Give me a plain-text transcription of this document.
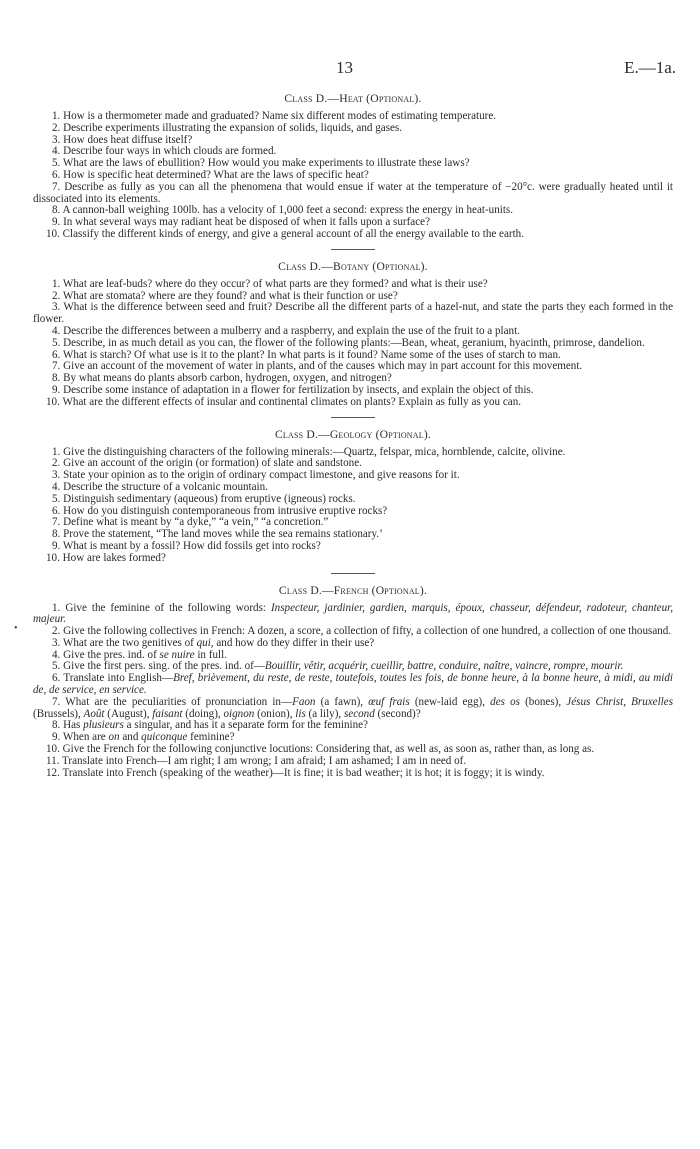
13	E.—1a.
•
Class D.—Heat (Optional).

1. How is a thermometer made and graduated? Name six different modes of estimating temperature.

2. Describe experiments illustrating the expansion of solids, liquids, and gases.

3. How does heat diffuse itself?

4. Describe four ways in which clouds are formed.

5. What are the laws of ebullition? How would you make experiments to illustrate these laws?

6. How is specific heat determined? What are the laws of specific heat?

7. Describe as fully as you can all the phenomena that would ensue if water at the temperature of −20°c. were gradually heated until it dissociated into its elements.

8. A cannon-ball weighing 100lb. has a velocity of 1,000 feet a second: express the energy in heat-units.

9. In what several ways may radiant heat be disposed of when it falls upon a surface?

10. Classify the different kinds of energy, and give a general account of all the energy available to the earth.

Class D.—Botany (Optional).

1. What are leaf-buds? where do they occur? of what parts are they formed? and what is their use?

2. What are stomata? where are they found? and what is their function or use?

3. What is the difference between seed and fruit? Describe all the different parts of a hazel-nut, and state the parts they each formed in the flower.

4. Describe the differences between a mulberry and a raspberry, and explain the use of the fruit to a plant.

5. Describe, in as much detail as you can, the flower of the following plants:—Bean, wheat, geranium, hyacinth, primrose, dandelion.

6. What is starch? Of what use is it to the plant? In what parts is it found? Name some of the uses of starch to man.

7. Give an account of the movement of water in plants, and of the causes which may in part account for this movement.

8. By what means do plants absorb carbon, hydrogen, oxygen, and nitrogen?

9. Describe some instance of adaptation in a flower for fertilization by insects, and explain the object of this.

10. What are the different effects of insular and continental climates on plants? Explain as fully as you can.

Class D.—Geology (Optional).

1. Give the distinguishing characters of the following minerals:—Quartz, felspar, mica, hornblende, calcite, olivine.

2. Give an account of the origin (or formation) of slate and sandstone.

3. State your opinion as to the origin of ordinary compact limestone, and give reasons for it.

4. Describe the structure of a volcanic mountain.

5. Distinguish sedimentary (aqueous) from eruptive (igneous) rocks.

6. How do you distinguish contemporaneous from intrusive eruptive rocks?

7. Define what is meant by “a dyke,” “a vein,” “a concretion.”

8. Prove the statement, “The land moves while the sea remains stationary.’

9. What is meant by a fossil? How did fossils get into rocks?

10. How are lakes formed?

Class D.—French (Optional).

1. Give the feminine of the following words: Inspecteur, jardinier, gardien, marquis, époux, chasseur, défendeur, radoteur, chanteur, majeur.

2. Give the following collectives in French: A dozen, a score, a collection of fifty, a collection of one hundred, a collection of one thousand.

3. What are the two genitives of qui, and how do they differ in their use?

4. Give the pres. ind. of se nuire in full.

5. Give the first pers. sing. of the pres. ind. of—Bouillir, vêtir, acquérir, cueillir, battre, conduire, naître, vaincre, rompre, mourir.

6. Translate into English—Bref, brièvement, du reste, de reste, toutefois, toutes les fois, de bonne heure, à la bonne heure, à midi, au midi de, de service, en service.

7. What are the peculiarities of pronunciation in—Faon (a fawn), œuf frais (new-laid egg), des os (bones), Jésus Christ, Bruxelles (Brussels), Août (August), faisant (doing), oignon (onion), lis (a lily), second (second)?

8. Has plusieurs a singular, and has it a separate form for the feminine?

9. When are on and quiconque feminine?

10. Give the French for the following conjunctive locutions: Considering that, as well as, as soon as, rather than, as long as.

11. Translate into French—I am right; I am wrong; I am afraid; I am ashamed; I am in need of.

12. Translate into French (speaking of the weather)—It is fine; it is bad weather; it is hot; it is foggy; it is windy.
